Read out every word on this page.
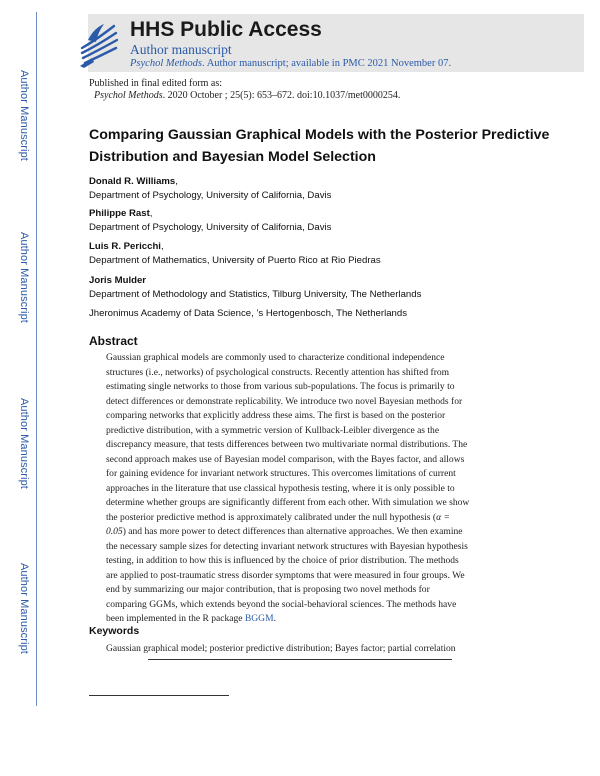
Author Manuscript
Author Manuscript
Author Manuscript
Author Manuscript
HHS Public Access
Author manuscript
Psychol Methods. Author manuscript; available in PMC 2021 November 07.
Published in final edited form as:
Psychol Methods. 2020 October ; 25(5): 653–672. doi:10.1037/met0000254.
Comparing Gaussian Graphical Models with the Posterior Predictive Distribution and Bayesian Model Selection
Donald R. Williams,
Department of Psychology, University of California, Davis
Philippe Rast,
Department of Psychology, University of California, Davis
Luis R. Pericchi,
Department of Mathematics, University of Puerto Rico at Rio Piedras
Joris Mulder
Department of Methodology and Statistics, Tilburg University, The Netherlands
Jheronimus Academy of Data Science, ’s Hertogenbosch, The Netherlands
Abstract

Gaussian graphical models are commonly used to characterize conditional independence structures (i.e., networks) of psychological constructs. Recently attention has shifted from estimating single networks to those from various sub-populations. The focus is primarily to detect differences or demonstrate replicability. We introduce two novel Bayesian methods for comparing networks that explicitly address these aims. The first is based on the posterior predictive distribution, with a symmetric version of Kullback-Leibler divergence as the discrepancy measure, that tests differences between two multivariate normal distributions. The second approach makes use of Bayesian model comparison, with the Bayes factor, and allows for gaining evidence for invariant network structures. This overcomes limitations of current approaches in the literature that use classical hypothesis testing, where it is only possible to determine whether groups are significantly different from each other. With simulation we show the posterior predictive method is approximately calibrated under the null hypothesis (α = 0.05) and has more power to detect differences than alternative approaches. We then examine the necessary sample sizes for detecting invariant network structures with Bayesian hypothesis testing, in addition to how this is influenced by the choice of prior distribution. The methods are applied to post-traumatic stress disorder symptoms that were measured in four groups. We end by summarizing our major contribution, that is proposing two novel methods for comparing GGMs, which extends beyond the social-behavioral sciences. The methods have been implemented in the R package BGGM.

Keywords
Gaussian graphical model; posterior predictive distribution; Bayes factor; partial correlation
